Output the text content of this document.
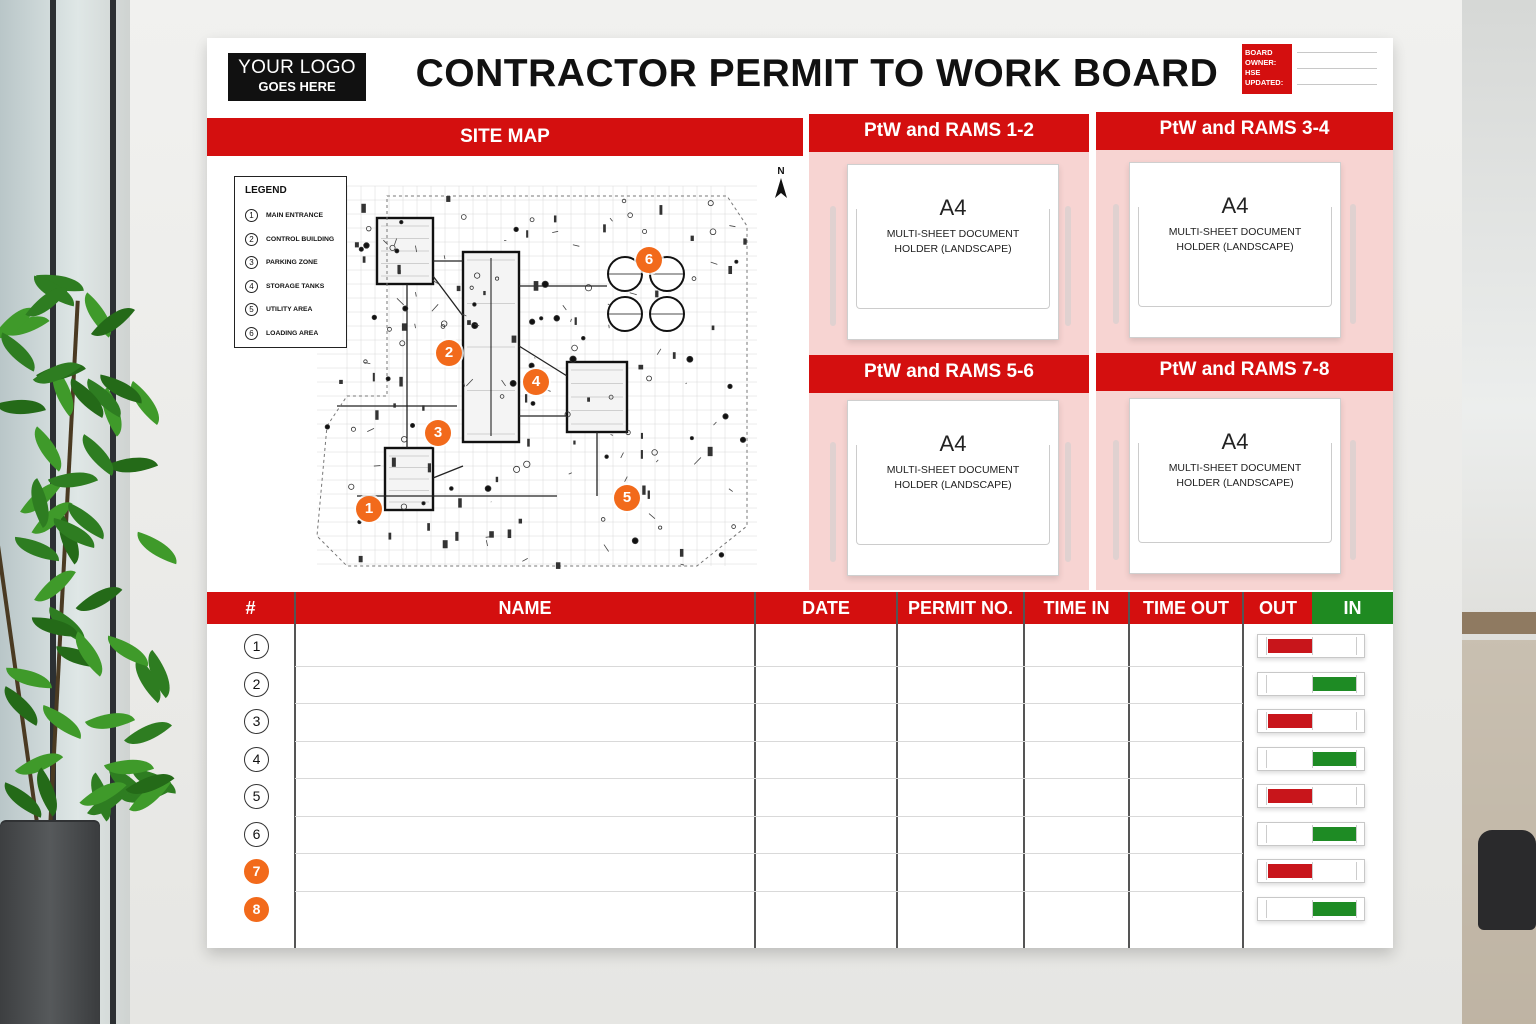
YOUR LOGO
GOES HERE	CONTRACTOR PERMIT TO WORK BOARD	BOARD OWNER:
HSE UPDATED:
SITE MAP
LEGEND
1	MAIN ENTRANCE
2	CONTROL BUILDING
3	PARKING ZONE
4	STORAGE TANKS
5	UTILITY AREA
6	LOADING AREA
N
1
2
3
4
5
6
PtW and RAMS 1-2	PtW and RAMS 3-4
PtW and RAMS 5-6	PtW and RAMS 7-8
A4
MULTI-SHEET DOCUMENT HOLDER (LANDSCAPE)
A4
MULTI-SHEET DOCUMENT HOLDER (LANDSCAPE)
A4
MULTI-SHEET DOCUMENT HOLDER (LANDSCAPE)
A4
MULTI-SHEET DOCUMENT HOLDER (LANDSCAPE)
#	NAME	DATE	PERMIT NO.	TIME IN	TIME OUT	OUT	IN
1
2
3
4
5
6
7
8
